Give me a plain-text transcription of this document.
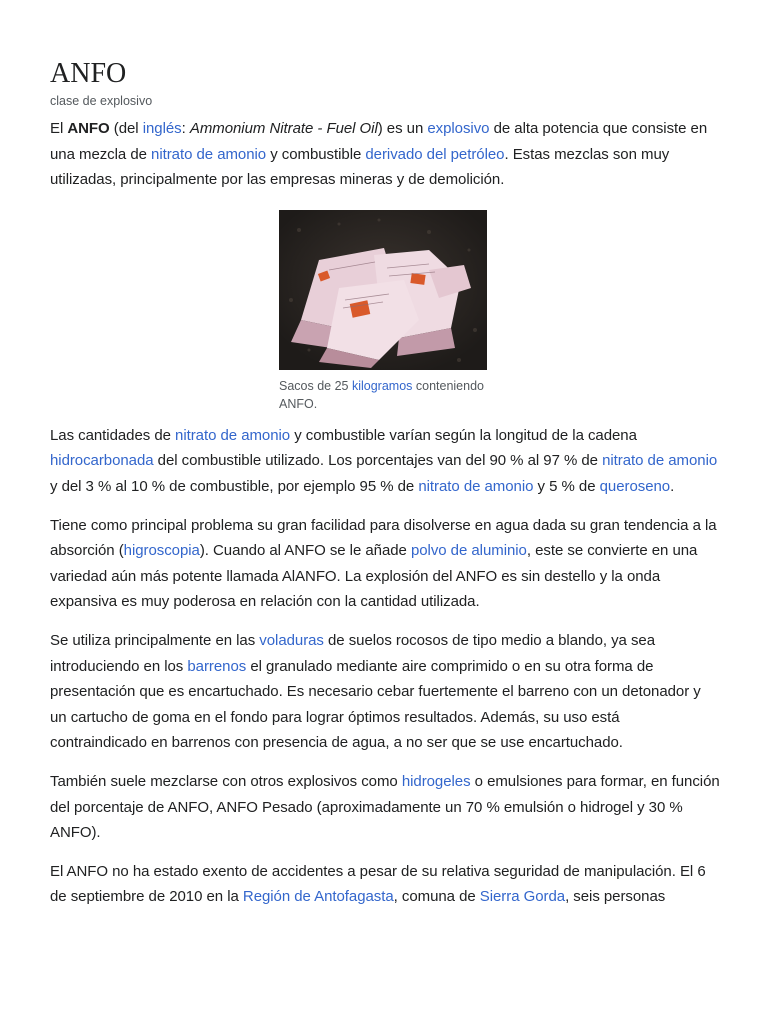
ANFO
clase de explosivo

El ANFO (del inglés: Ammonium Nitrate - Fuel Oil) es un explosivo de alta potencia que consiste en una mezcla de nitrato de amonio y combustible derivado del petróleo. Estas mezclas son muy utilizadas, principalmente por las empresas mineras y de demolición.

Sacos de 25 kilogramos conteniendo ANFO.

Las cantidades de nitrato de amonio y combustible varían según la longitud de la cadena hidrocarbonada del combustible utilizado. Los porcentajes van del 90 % al 97 % de nitrato de amonio y del 3 % al 10 % de combustible, por ejemplo 95 % de nitrato de amonio y 5 % de queroseno.

Tiene como principal problema su gran facilidad para disolverse en agua dada su gran tendencia a la absorción (higroscopia). Cuando al ANFO se le añade polvo de aluminio, este se convierte en una variedad aún más potente llamada AlANFO. La explosión del ANFO es sin destello y la onda expansiva es muy poderosa en relación con la cantidad utilizada.

Se utiliza principalmente en las voladuras de suelos rocosos de tipo medio a blando, ya sea introduciendo en los barrenos el granulado mediante aire comprimido o en su otra forma de presentación que es encartuchado. Es necesario cebar fuertemente el barreno con un detonador y un cartucho de goma en el fondo para lograr óptimos resultados. Además, su uso está contraindicado en barrenos con presencia de agua, a no ser que se use encartuchado.

También suele mezclarse con otros explosivos como hidrogeles o emulsiones para formar, en función del porcentaje de ANFO, ANFO Pesado (aproximadamente un 70 % emulsión o hidrogel y 30 % ANFO).

El ANFO no ha estado exento de accidentes a pesar de su relativa seguridad de manipulación. El 6 de septiembre de 2010 en la Región de Antofagasta, comuna de Sierra Gorda, seis personas
